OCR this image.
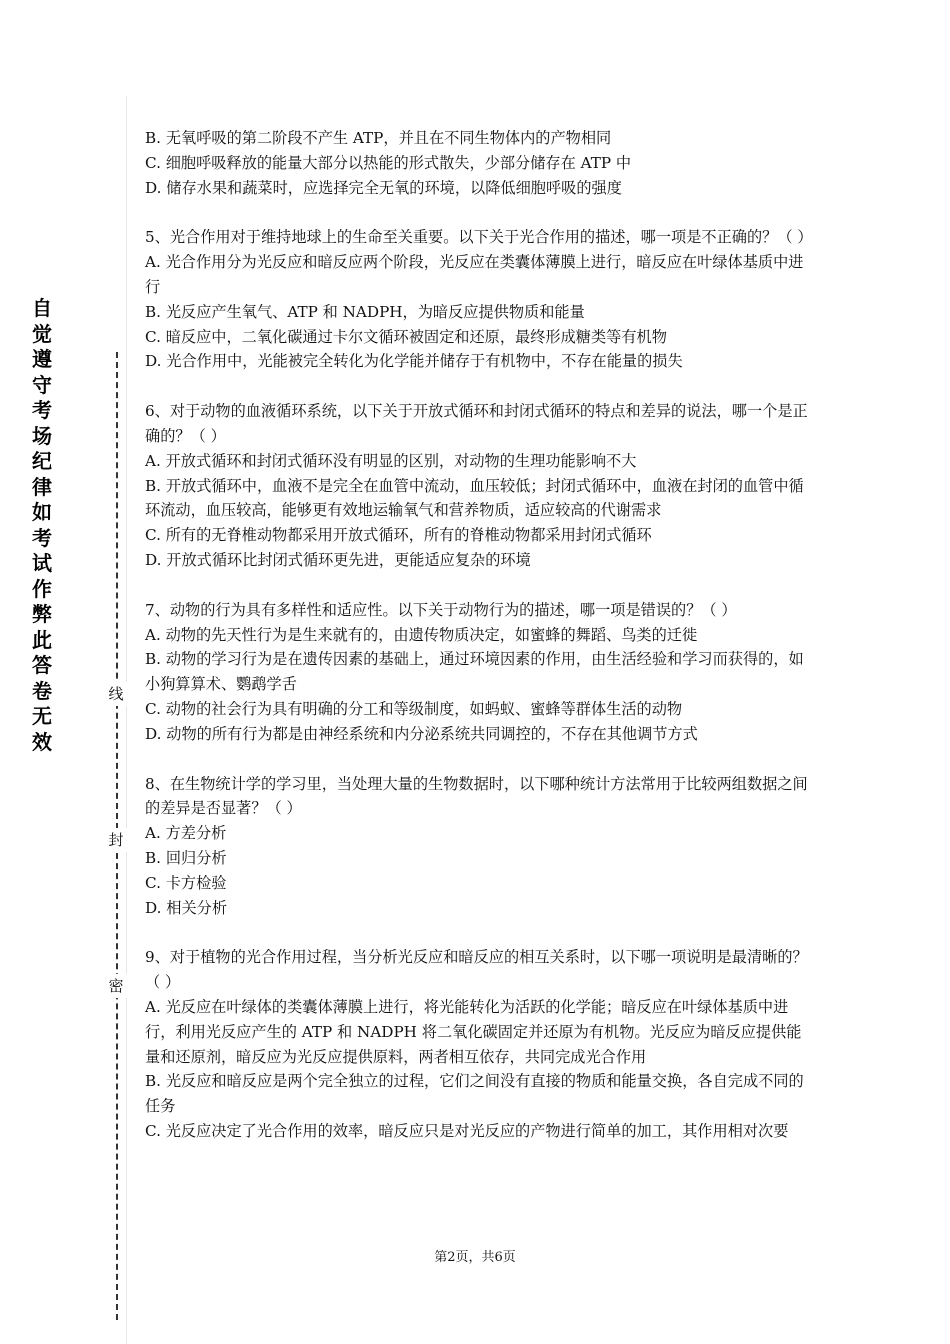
自觉遵守考场纪律如考试作弊此答卷无效
线
封
密

B. 无氧呼吸的第二阶段不产生 ATP，并且在不同生物体内的产物相同

C. 细胞呼吸释放的能量大部分以热能的形式散失，少部分储存在 ATP 中

D. 储存水果和蔬菜时，应选择完全无氧的环境，以降低细胞呼吸的强度

5、光合作用对于维持地球上的生命至关重要。以下关于光合作用的描述，哪一项是不正确的？（ ）

A. 光合作用分为光反应和暗反应两个阶段，光反应在类囊体薄膜上进行，暗反应在叶绿体基质中进行

B. 光反应产生氧气、ATP 和 NADPH，为暗反应提供物质和能量

C. 暗反应中，二氧化碳通过卡尔文循环被固定和还原，最终形成糖类等有机物

D. 光合作用中，光能被完全转化为化学能并储存于有机物中，不存在能量的损失

6、对于动物的血液循环系统，以下关于开放式循环和封闭式循环的特点和差异的说法，哪一个是正确的？（ ）

A. 开放式循环和封闭式循环没有明显的区别，对动物的生理功能影响不大

B. 开放式循环中，血液不是完全在血管中流动，血压较低；封闭式循环中，血液在封闭的血管中循环流动，血压较高，能够更有效地运输氧气和营养物质，适应较高的代谢需求

C. 所有的无脊椎动物都采用开放式循环，所有的脊椎动物都采用封闭式循环

D. 开放式循环比封闭式循环更先进，更能适应复杂的环境

7、动物的行为具有多样性和适应性。以下关于动物行为的描述，哪一项是错误的？（ ）

A. 动物的先天性行为是生来就有的，由遗传物质决定，如蜜蜂的舞蹈、鸟类的迁徙

B. 动物的学习行为是在遗传因素的基础上，通过环境因素的作用，由生活经验和学习而获得的，如小狗算算术、鹦鹉学舌

C. 动物的社会行为具有明确的分工和等级制度，如蚂蚁、蜜蜂等群体生活的动物

D. 动物的所有行为都是由神经系统和内分泌系统共同调控的，不存在其他调节方式

8、在生物统计学的学习里，当处理大量的生物数据时，以下哪种统计方法常用于比较两组数据之间的差异是否显著？（ ）

A. 方差分析

B. 回归分析

C. 卡方检验

D. 相关分析

9、对于植物的光合作用过程，当分析光反应和暗反应的相互关系时，以下哪一项说明是最清晰的？（ ）

A. 光反应在叶绿体的类囊体薄膜上进行，将光能转化为活跃的化学能；暗反应在叶绿体基质中进行，利用光反应产生的 ATP 和 NADPH 将二氧化碳固定并还原为有机物。光反应为暗反应提供能量和还原剂，暗反应为光反应提供原料，两者相互依存，共同完成光合作用

B. 光反应和暗反应是两个完全独立的过程，它们之间没有直接的物质和能量交换，各自完成不同的任务

C. 光反应决定了光合作用的效率，暗反应只是对光反应的产物进行简单的加工，其作用相对次要

第2页，共6页
